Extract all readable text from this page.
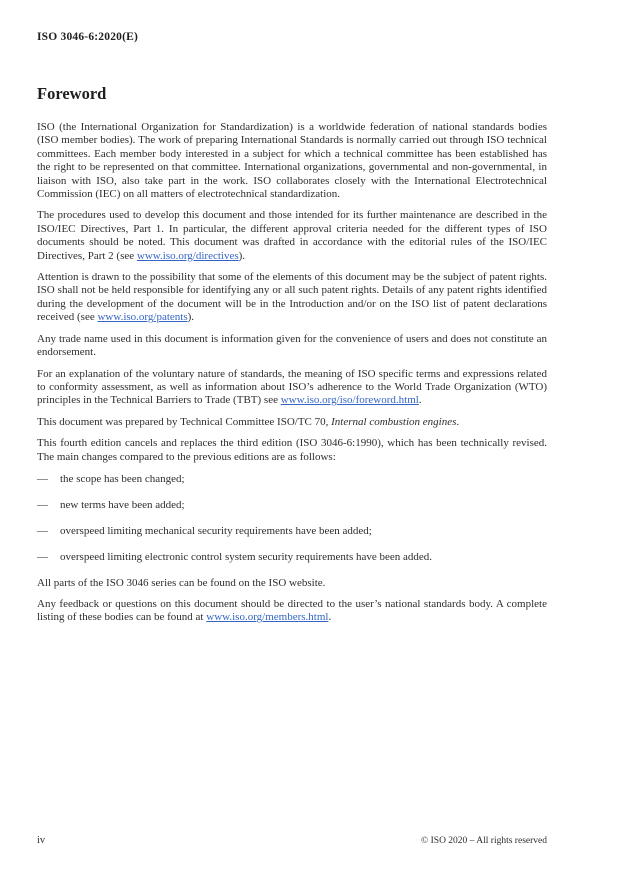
ISO 3046-6:2020(E)
Foreword
ISO (the International Organization for Standardization) is a worldwide federation of national standards bodies (ISO member bodies). The work of preparing International Standards is normally carried out through ISO technical committees. Each member body interested in a subject for which a technical committee has been established has the right to be represented on that committee. International organizations, governmental and non-governmental, in liaison with ISO, also take part in the work. ISO collaborates closely with the International Electrotechnical Commission (IEC) on all matters of electrotechnical standardization.
The procedures used to develop this document and those intended for its further maintenance are described in the ISO/IEC Directives, Part 1. In particular, the different approval criteria needed for the different types of ISO documents should be noted. This document was drafted in accordance with the editorial rules of the ISO/IEC Directives, Part 2 (see www.iso.org/directives).
Attention is drawn to the possibility that some of the elements of this document may be the subject of patent rights. ISO shall not be held responsible for identifying any or all such patent rights. Details of any patent rights identified during the development of the document will be in the Introduction and/or on the ISO list of patent declarations received (see www.iso.org/patents).
Any trade name used in this document is information given for the convenience of users and does not constitute an endorsement.
For an explanation of the voluntary nature of standards, the meaning of ISO specific terms and expressions related to conformity assessment, as well as information about ISO’s adherence to the World Trade Organization (WTO) principles in the Technical Barriers to Trade (TBT) see www.iso.org/iso/foreword.html.
This document was prepared by Technical Committee ISO/TC 70, Internal combustion engines.
This fourth edition cancels and replaces the third edition (ISO 3046-6:1990), which has been technically revised. The main changes compared to the previous editions are as follows:
— the scope has been changed;
— new terms have been added;
— overspeed limiting mechanical security requirements have been added;
— overspeed limiting electronic control system security requirements have been added.
All parts of the ISO 3046 series can be found on the ISO website.
Any feedback or questions on this document should be directed to the user’s national standards body. A complete listing of these bodies can be found at www.iso.org/members.html.
iv	© ISO 2020 – All rights reserved
